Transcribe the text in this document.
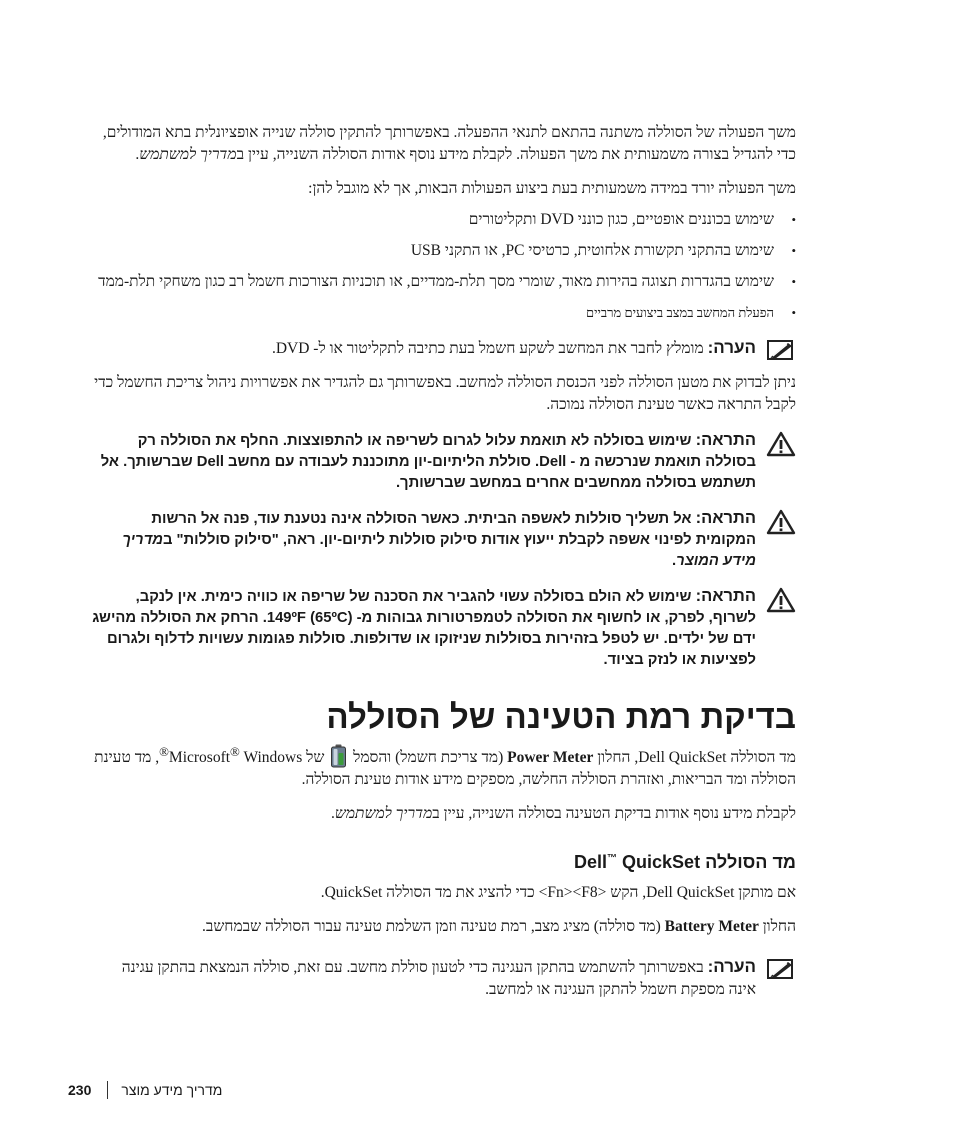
משך הפעולה של הסוללה משתנה בהתאם לתנאי ההפעלה. באפשרותך להתקין סוללה שנייה אופציונלית בתא המודולים, כדי להגדיל בצורה משמעותית את משך הפעולה. לקבלת מידע נוסף אודות הסוללה השנייה, עיין במדריך למשתמש.

משך הפעולה יורד במידה משמעותית בעת ביצוע הפעולות הבאות, אך לא מוגבל להן:

• שימוש בכוננים אופטיים, כגון כונני DVD ותקליטורים
• שימוש בהתקני תקשורת אלחוטית, כרטיסי PC, או התקני USB
• שימוש בהגדרות תצוגה בהירות מאוד, שומרי מסך תלת-ממדיים, או תוכניות הצורכות חשמל רב כגון משחקי תלת-ממד
• הפעלת המחשב במצב ביצועים מרביים
הערה: מומלץ לחבר את המחשב לשקע חשמל בעת כתיבה לתקליטור או ל- DVD.

ניתן לבדוק את מטען הסוללה לפני הכנסת הסוללה למחשב. באפשרותך גם להגדיר את אפשרויות ניהול צריכת החשמל כדי לקבל התראה כאשר טעינת הסוללה נמוכה.

התראה: שימוש בסוללה לא תואמת עלול לגרום לשריפה או להתפוצצות. החלף את הסוללה רק בסוללה תואמת שנרכשה מ - Dell. סוללת הליתיום-יון מתוכננת לעבודה עם מחשב Dell שברשותך. אל תשתמש בסוללה ממחשבים אחרים במחשב שברשותך.
התראה: אל תשליך סוללות לאשפה הביתית. כאשר הסוללה אינה נטענת עוד, פנה אל הרשות המקומית לפינוי אשפה לקבלת ייעוץ אודות סילוק סוללות ליתיום-יון. ראה, "סילוק סוללות" במדריך מידע המוצר.
התראה: שימוש לא הולם בסוללה עשוי להגביר את הסכנה של שריפה או כוויה כימית. אין לנקב, לשרוף, לפרק, או לחשוף את הסוללה לטמפרטורות גבוהות מ- (65ºC) 149ºF. הרחק את הסוללה מהישג ידם של ילדים. יש לטפל בזהירות בסוללות שניזוקו או שדולפות. סוללות פגומות עשויות לדלוף ולגרום לפציעות או לנזק בציוד.
בדיקת רמת הטעינה של הסוללה

מד הסוללה Dell QuickSet, החלון Power Meter (מד צריכת חשמל) והסמל  של Microsoft® Windows®, מד טעינת הסוללה ומד הבריאות, ואזהרת הסוללה החלשה, מספקים מידע אודות טעינת הסוללה.

לקבלת מידע נוסף אודות בדיקת הטעינה בסוללה השנייה, עיין במדריך למשתמש.

מד הסוללה Dell™ QuickSet

אם מותקן Dell QuickSet, הקש <Fn><F8> כדי להציג את מד הסוללה QuickSet.

החלון Battery Meter (מד סוללה) מציג מצב, רמת טעינה וזמן השלמת טעינה עבור הסוללה שבמחשב.

הערה: באפשרותך להשתמש בהתקן העגינה כדי לטעון סוללת מחשב. עם זאת, סוללה הנמצאת בהתקן עגינה אינה מספקת חשמל להתקן העגינה או למחשב.
230 מדריך מידע מוצר
